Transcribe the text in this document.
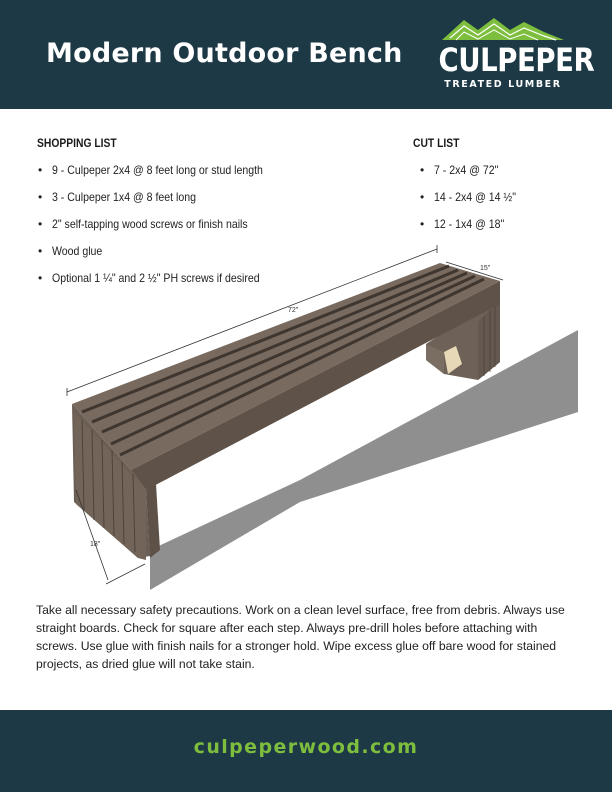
Modern Outdoor Bench CULPEPER
TREATED LUMBER
SHOPPING LIST
• 9 - Culpeper 2x4 @ 8 feet long or stud length
• 3 - Culpeper 1x4 @ 8 feet long
• 2" self-tapping wood screws or finish nails
• Wood glue
• Optional 1 ¼" and 2 ½" PH screws if desired
CUT LIST
• 7 - 2x4 @ 72"
• 14 - 2x4 @ 14 ½"
• 12 - 1x4 @ 18"
72"
15"
18"
Take all necessary safety precautions. Work on a clean level surface, free from debris. Always use straight boards. Check for square after each step. Always pre-drill holes before attaching with screws. Use glue with finish nails for a stronger hold. Wipe excess glue off bare wood for stained projects, as dried glue will not take stain.
culpeperwood.com
